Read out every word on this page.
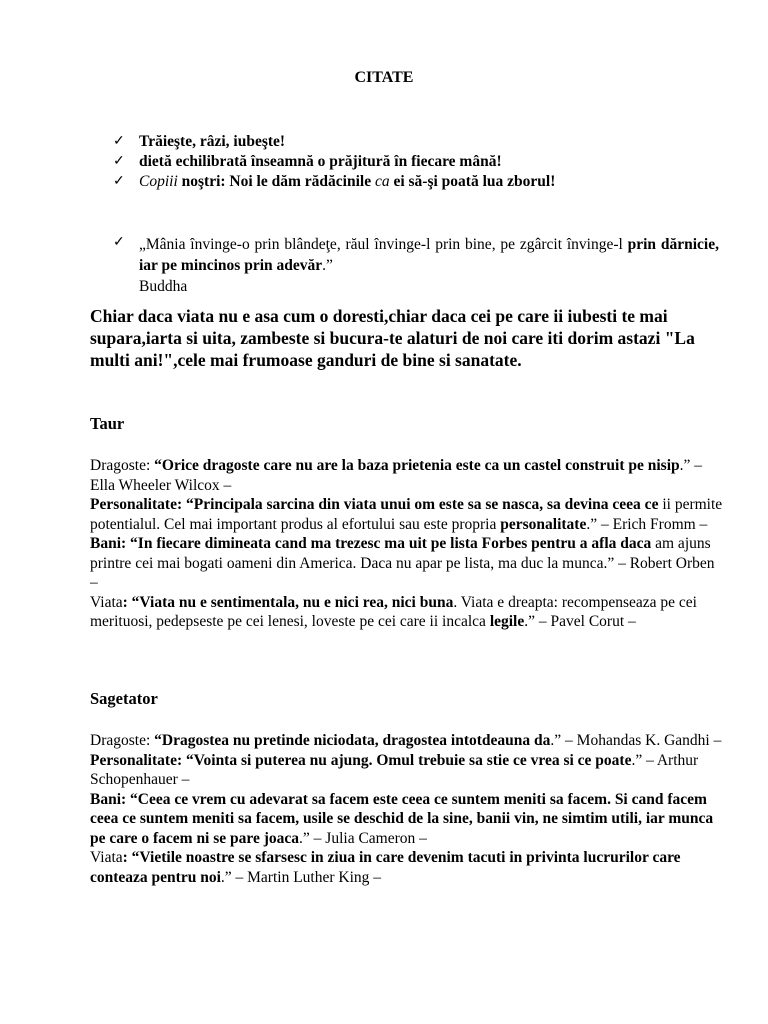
CITATE
✓ Trăieşte, râzi, iubeşte!
✓ dietă echilibrată înseamnă o prăjitură în fiecare mână!
✓ Copiii noştri: Noi le dăm rădăcinile ca ei să-şi poată lua zborul!
✓ „Mânia învinge-o prin blândeţe, răul învinge-l prin bine, pe zgârcit învinge-l prin dărnicie, iar pe mincinos prin adevăr.”
Buddha
Chiar daca viata nu e asa cum o doresti,chiar daca cei pe care ii iubesti te mai supara,iarta si uita, zambeste si bucura-te alaturi de noi care iti dorim astazi "La multi ani!",cele mai frumoase ganduri de bine si sanatate.
Taur

Dragoste: “Orice dragoste care nu are la baza prietenia este ca un castel construit pe nisip.” – Ella Wheeler Wilcox –

Personalitate: “Principala sarcina din viata unui om este sa se nasca, sa devina ceea ce ii permite potentialul. Cel mai important produs al efortului sau este propria personalitate.” – Erich Fromm –

Bani: “In fiecare dimineata cand ma trezesc ma uit pe lista Forbes pentru a afla daca am ajuns printre cei mai bogati oameni din America. Daca nu apar pe lista, ma duc la munca.” – Robert Orben –

Viata: “Viata nu e sentimentala, nu e nici rea, nici buna. Viata e dreapta: recompenseaza pe cei merituosi, pedepseste pe cei lenesi, loveste pe cei care ii incalca legile.” – Pavel Corut –

Sagetator

Dragoste: “Dragostea nu pretinde niciodata, dragostea intotdeauna da.” – Mohandas K. Gandhi –

Personalitate: “Vointa si puterea nu ajung. Omul trebuie sa stie ce vrea si ce poate.” – Arthur Schopenhauer –

Bani: “Ceea ce vrem cu adevarat sa facem este ceea ce suntem meniti sa facem. Si cand facem ceea ce suntem meniti sa facem, usile se deschid de la sine, banii vin, ne simtim utili, iar munca pe care o facem ni se pare joaca.” – Julia Cameron –

Viata: “Vietile noastre se sfarsesc in ziua in care devenim tacuti in privinta lucrurilor care conteaza pentru noi.” – Martin Luther King –
